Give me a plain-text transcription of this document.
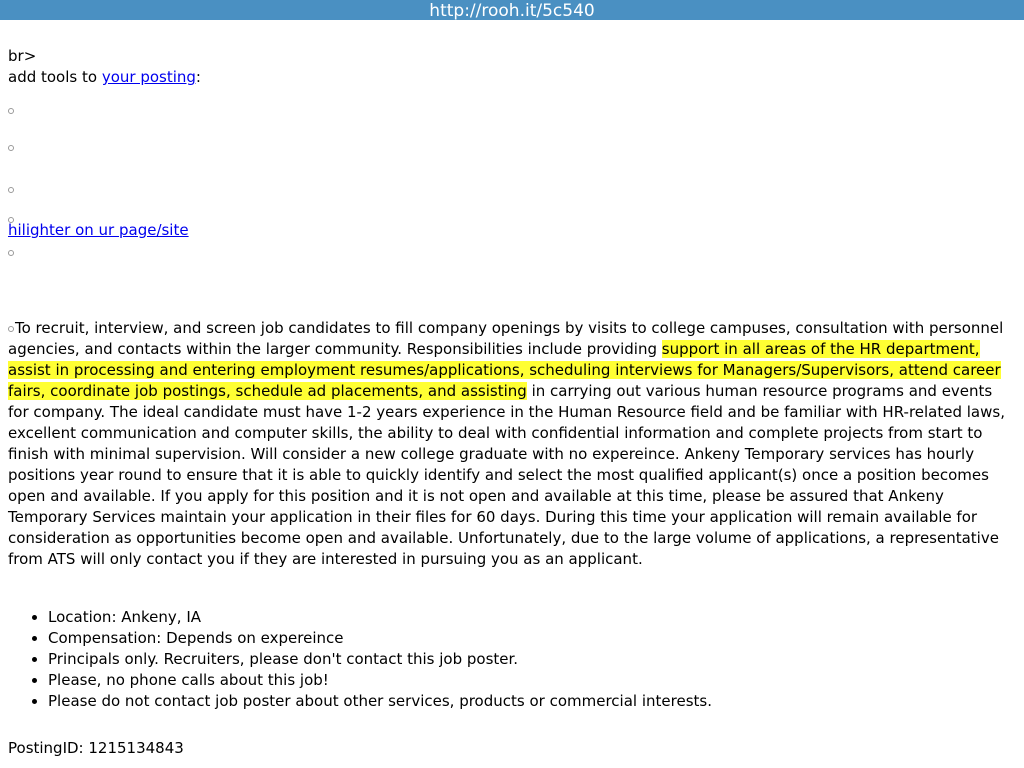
http://rooh.it/5c540
br>
add tools to your posting:
hilighter on ur page/site

To recruit, interview, and screen job candidates to fill company openings by visits to college campuses, consultation with personnel agencies, and contacts within the larger community. Responsibilities include providing support in all areas of the HR department, assist in processing and entering employment resumes/applications, scheduling interviews for Managers/Supervisors, attend career fairs, coordinate job postings, schedule ad placements, and assisting in carrying out various human resource programs and events for company. The ideal candidate must have 1-2 years experience in the Human Resource field and be familiar with HR-related laws, excellent communication and computer skills, the ability to deal with confidential information and complete projects from start to finish with minimal supervision. Will consider a new college graduate with no expereince. Ankeny Temporary services has hourly positions year round to ensure that it is able to quickly identify and select the most qualified applicant(s) once a position becomes open and available. If you apply for this position and it is not open and available at this time, please be assured that Ankeny Temporary Services maintain your application in their files for 60 days. During this time your application will remain available for consideration as opportunities become open and available. Unfortunately, due to the large volume of applications, a representative from ATS will only contact you if they are interested in pursuing you as an applicant.

• Location: Ankeny, IA
• Compensation: Depends on expereince
• Principals only. Recruiters, please don't contact this job poster.
• Please, no phone calls about this job!
• Please do not contact job poster about other services, products or commercial interests.
PostingID: 1215134843
